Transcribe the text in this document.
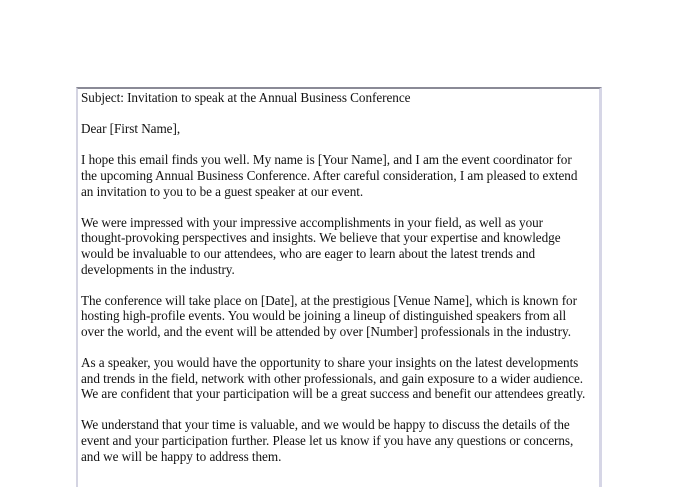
Subject: Invitation to speak at the Annual Business Conference

Dear [First Name],

I hope this email finds you well. My name is [Your Name], and I am the event coordinator for
the upcoming Annual Business Conference. After careful consideration, I am pleased to extend
an invitation to you to be a guest speaker at our event.

We were impressed with your impressive accomplishments in your field, as well as your
thought-provoking perspectives and insights. We believe that your expertise and knowledge
would be invaluable to our attendees, who are eager to learn about the latest trends and
developments in the industry.

The conference will take place on [Date], at the prestigious [Venue Name], which is known for
hosting high-profile events. You would be joining a lineup of distinguished speakers from all
over the world, and the event will be attended by over [Number] professionals in the industry.

As a speaker, you would have the opportunity to share your insights on the latest developments
and trends in the field, network with other professionals, and gain exposure to a wider audience.
We are confident that your participation will be a great success and benefit our attendees greatly.

We understand that your time is valuable, and we would be happy to discuss the details of the
event and your participation further. Please let us know if you have any questions or concerns,
and we will be happy to address them.
